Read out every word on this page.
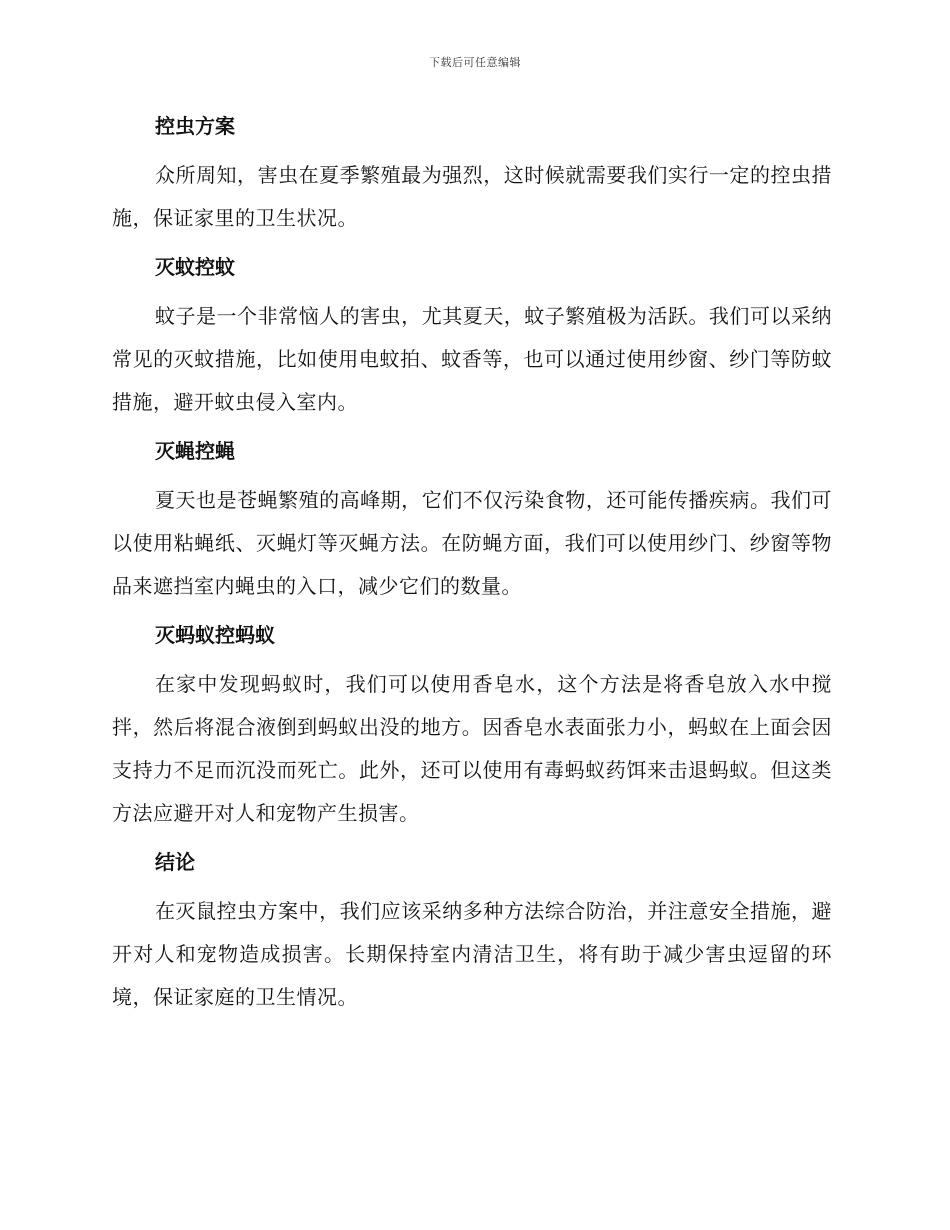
下载后可任意编辑
控虫方案

众所周知，害虫在夏季繁殖最为强烈，这时候就需要我们实行一定的控虫措施，保证家里的卫生状况。

灭蚊控蚊

蚊子是一个非常恼人的害虫，尤其夏天，蚊子繁殖极为活跃。我们可以采纳常见的灭蚊措施，比如使用电蚊拍、蚊香等，也可以通过使用纱窗、纱门等防蚊措施，避开蚊虫侵入室内。

灭蝇控蝇

夏天也是苍蝇繁殖的高峰期，它们不仅污染食物，还可能传播疾病。我们可以使用粘蝇纸、灭蝇灯等灭蝇方法。在防蝇方面，我们可以使用纱门、纱窗等物品来遮挡室内蝇虫的入口，减少它们的数量。

灭蚂蚁控蚂蚁

在家中发现蚂蚁时，我们可以使用香皂水，这个方法是将香皂放入水中搅拌，然后将混合液倒到蚂蚁出没的地方。因香皂水表面张力小，蚂蚁在上面会因支持力不足而沉没而死亡。此外，还可以使用有毒蚂蚁药饵来击退蚂蚁。但这类方法应避开对人和宠物产生损害。

结论

在灭鼠控虫方案中，我们应该采纳多种方法综合防治，并注意安全措施，避开对人和宠物造成损害。长期保持室内清洁卫生，将有助于减少害虫逗留的环境，保证家庭的卫生情况。
